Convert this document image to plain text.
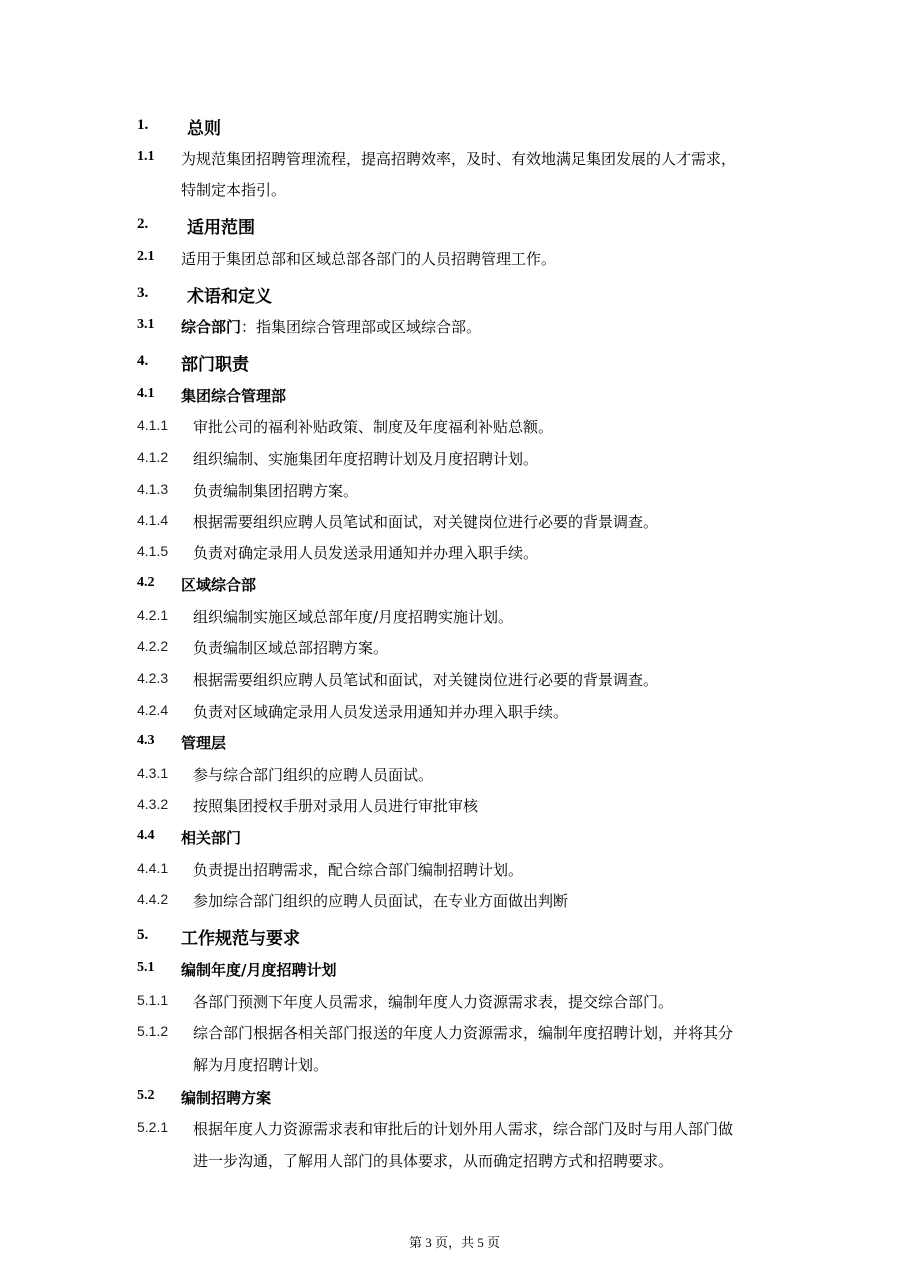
1. 总则
1.1 为规范集团招聘管理流程，提高招聘效率，及时、有效地满足集团发展的人才需求，
特制定本指引。
2. 适用范围
2.1 适用于集团总部和区域总部各部门的人员招聘管理工作。
3. 术语和定义
3.1 综合部门：指集团综合管理部或区域综合部。
4. 部门职责
4.1 集团综合管理部
4.1.1 审批公司的福利补贴政策、制度及年度福利补贴总额。
4.1.2 组织编制、实施集团年度招聘计划及月度招聘计划。
4.1.3 负责编制集团招聘方案。
4.1.4 根据需要组织应聘人员笔试和面试，对关键岗位进行必要的背景调查。
4.1.5 负责对确定录用人员发送录用通知并办理入职手续。
4.2 区域综合部
4.2.1 组织编制实施区域总部年度/月度招聘实施计划。
4.2.2 负责编制区域总部招聘方案。
4.2.3 根据需要组织应聘人员笔试和面试，对关键岗位进行必要的背景调查。
4.2.4 负责对区域确定录用人员发送录用通知并办理入职手续。
4.3 管理层
4.3.1 参与综合部门组织的应聘人员面试。
4.3.2 按照集团授权手册对录用人员进行审批审核
4.4 相关部门
4.4.1 负责提出招聘需求，配合综合部门编制招聘计划。
4.4.2 参加综合部门组织的应聘人员面试，在专业方面做出判断
5. 工作规范与要求
5.1 编制年度/月度招聘计划
5.1.1 各部门预测下年度人员需求，编制年度人力资源需求表，提交综合部门。
5.1.2 综合部门根据各相关部门报送的年度人力资源需求，编制年度招聘计划，并将其分
解为月度招聘计划。
5.2 编制招聘方案
5.2.1 根据年度人力资源需求表和审批后的计划外用人需求，综合部门及时与用人部门做
进一步沟通，了解用人部门的具体要求，从而确定招聘方式和招聘要求。
第 3 页，共 5 页
